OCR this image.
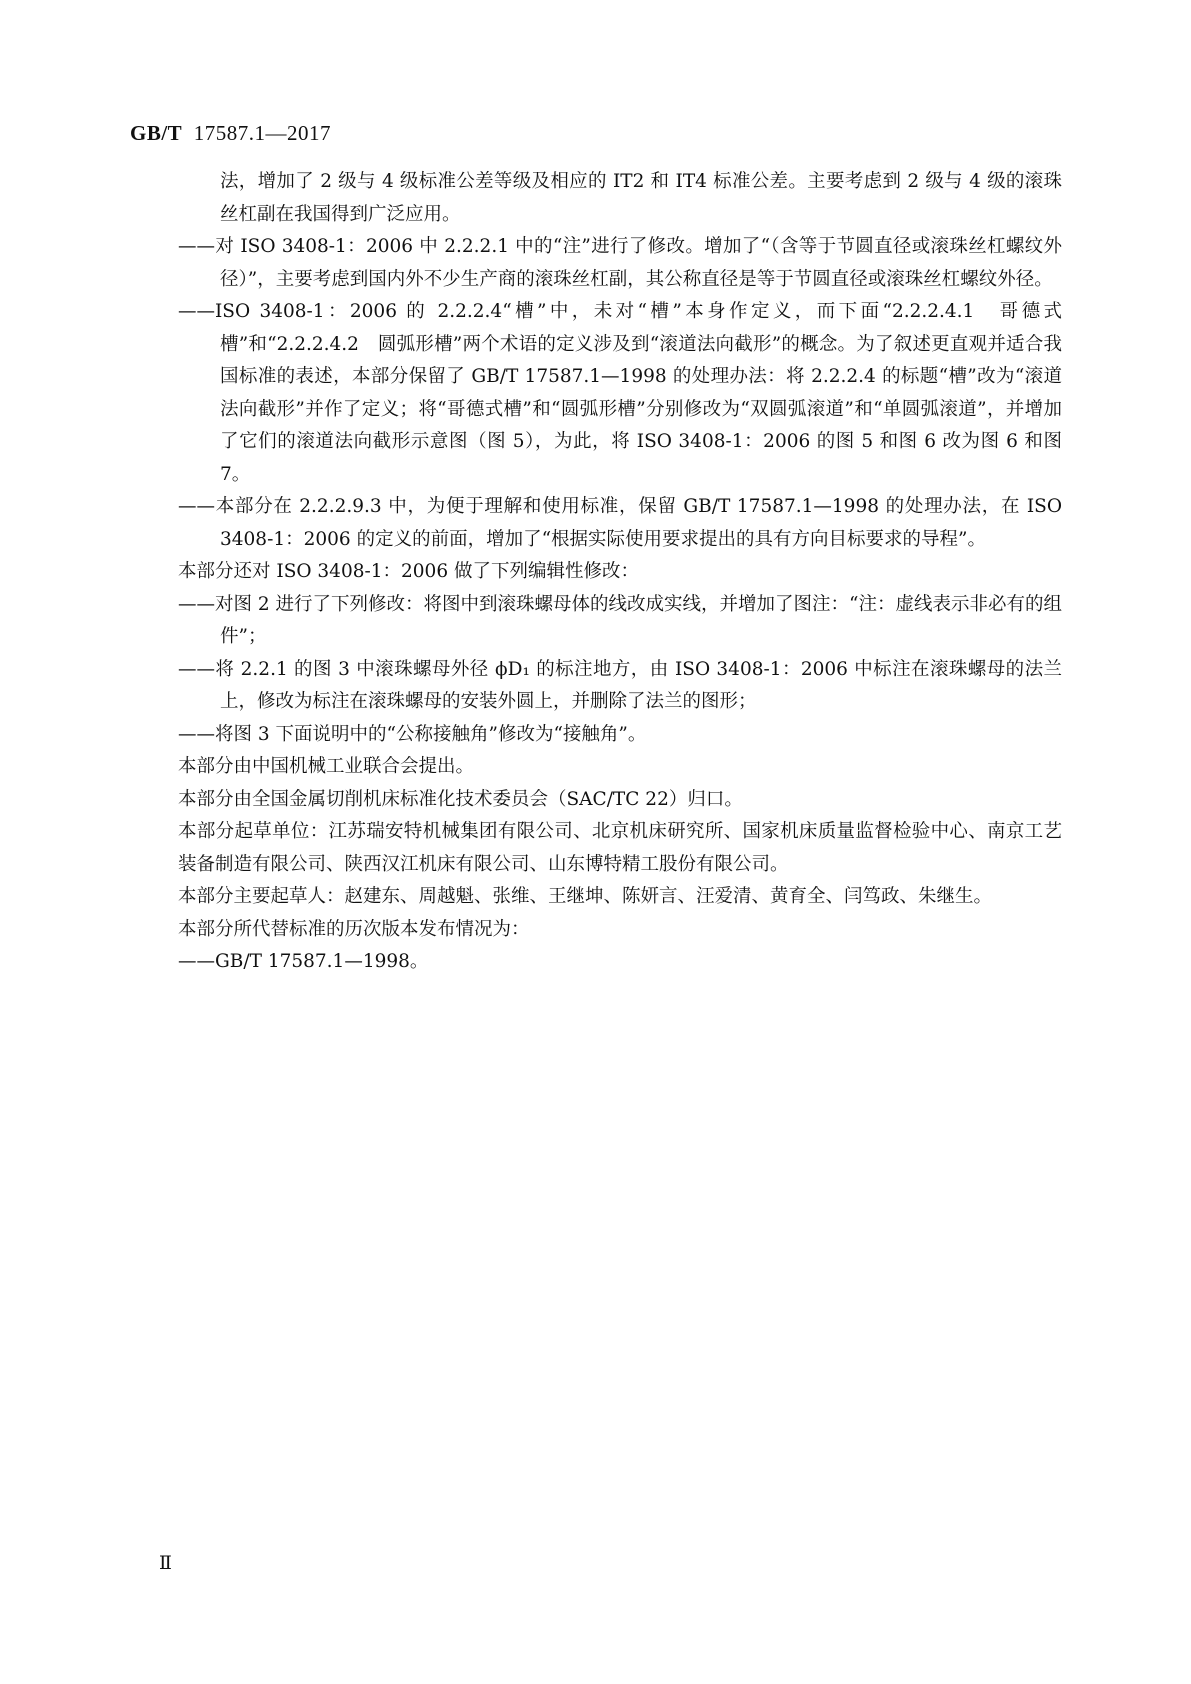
GB/T 17587.1—2017

法，增加了 2 级与 4 级标准公差等级及相应的 IT2 和 IT4 标准公差。主要考虑到 2 级与 4 级的滚珠丝杠副在我国得到广泛应用。

——对 ISO 3408-1：2006 中 2.2.2.1 中的“注”进行了修改。增加了“（含等于节圆直径或滚珠丝杠螺纹外径）”，主要考虑到国内外不少生产商的滚珠丝杠副，其公称直径是等于节圆直径或滚珠丝杠螺纹外径。

——ISO 3408-1：2006 的 2.2.2.4“槽”中，未对“槽”本身作定义，而下面“2.2.2.4.1　哥德式槽”和“2.2.2.4.2　圆弧形槽”两个术语的定义涉及到“滚道法向截形”的概念。为了叙述更直观并适合我国标准的表述，本部分保留了 GB/T 17587.1—1998 的处理办法：将 2.2.2.4 的标题“槽”改为“滚道法向截形”并作了定义；将“哥德式槽”和“圆弧形槽”分别修改为“双圆弧滚道”和“单圆弧滚道”，并增加了它们的滚道法向截形示意图（图 5），为此，将 ISO 3408-1：2006 的图 5 和图 6 改为图 6 和图 7。

——本部分在 2.2.2.9.3 中，为便于理解和使用标准，保留 GB/T 17587.1—1998 的处理办法，在 ISO 3408-1：2006 的定义的前面，增加了“根据实际使用要求提出的具有方向目标要求的导程”。

本部分还对 ISO 3408-1：2006 做了下列编辑性修改：

——对图 2 进行了下列修改：将图中到滚珠螺母体的线改成实线，并增加了图注：“注：虚线表示非必有的组件”；

——将 2.2.1 的图 3 中滚珠螺母外径 ϕD₁ 的标注地方，由 ISO 3408-1：2006 中标注在滚珠螺母的法兰上，修改为标注在滚珠螺母的安装外圆上，并删除了法兰的图形；

——将图 3 下面说明中的“公称接触角”修改为“接触角”。

本部分由中国机械工业联合会提出。

本部分由全国金属切削机床标准化技术委员会（SAC/TC 22）归口。

本部分起草单位：江苏瑞安特机械集团有限公司、北京机床研究所、国家机床质量监督检验中心、南京工艺装备制造有限公司、陕西汉江机床有限公司、山东博特精工股份有限公司。

本部分主要起草人：赵建东、周越魁、张维、王继坤、陈妍言、汪爱清、黄育全、闫笃政、朱继生。

本部分所代替标准的历次版本发布情况为：

——GB/T 17587.1—1998。

Ⅱ
